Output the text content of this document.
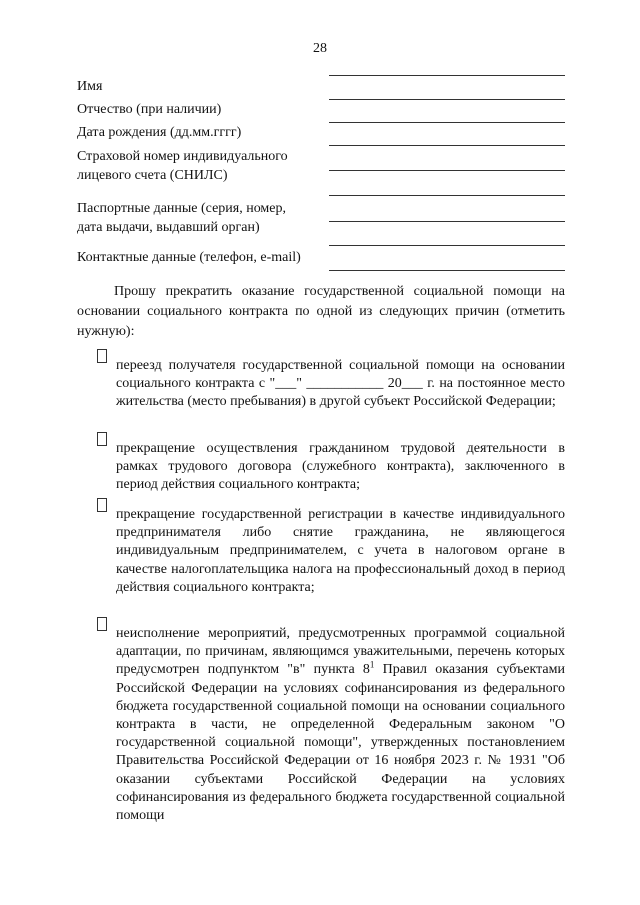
28
Имя
Отчество (при наличии)
Дата рождения (дд.мм.гггг)
Страховой номер индивидуального
лицевого счета (СНИЛС)
Паспортные данные (серия, номер,
дата выдачи, выдавший орган)
Контактные данные (телефон, e-mail)
Прошу прекратить оказание государственной социальной помощи на основании социального контракта по одной из следующих причин (отметить нужную):
переезд получателя государственной социальной помощи на основании социального контракта с "___" ___________ 20___ г. на постоянное место жительства (место пребывания) в другой субъект Российской Федерации;
прекращение осуществления гражданином трудовой деятельности в рамках трудового договора (служебного контракта), заключенного в период действия социального контракта;
прекращение государственной регистрации в качестве индивидуального предпринимателя либо снятие гражданина, не являющегося индивидуальным предпринимателем, с учета в налоговом органе в качестве налогоплательщика налога на профессиональный доход в период действия социального контракта;
неисполнение мероприятий, предусмотренных программой социальной адаптации, по причинам, являющимся уважительными, перечень которых предусмотрен подпунктом "в" пункта $8^1$ Правил оказания субъектами Российской Федерации на условиях софинансирования из федерального бюджета государственной социальной помощи на основании социального контракта в части, не определенной Федеральным законом "О государственной социальной помощи", утвержденных постановлением Правительства Российской Федерации от 16 ноября 2023 г. № 1931 "Об оказании субъектами Российской Федерации на условиях софинансирования из федерального бюджета государственной социальной помощи
